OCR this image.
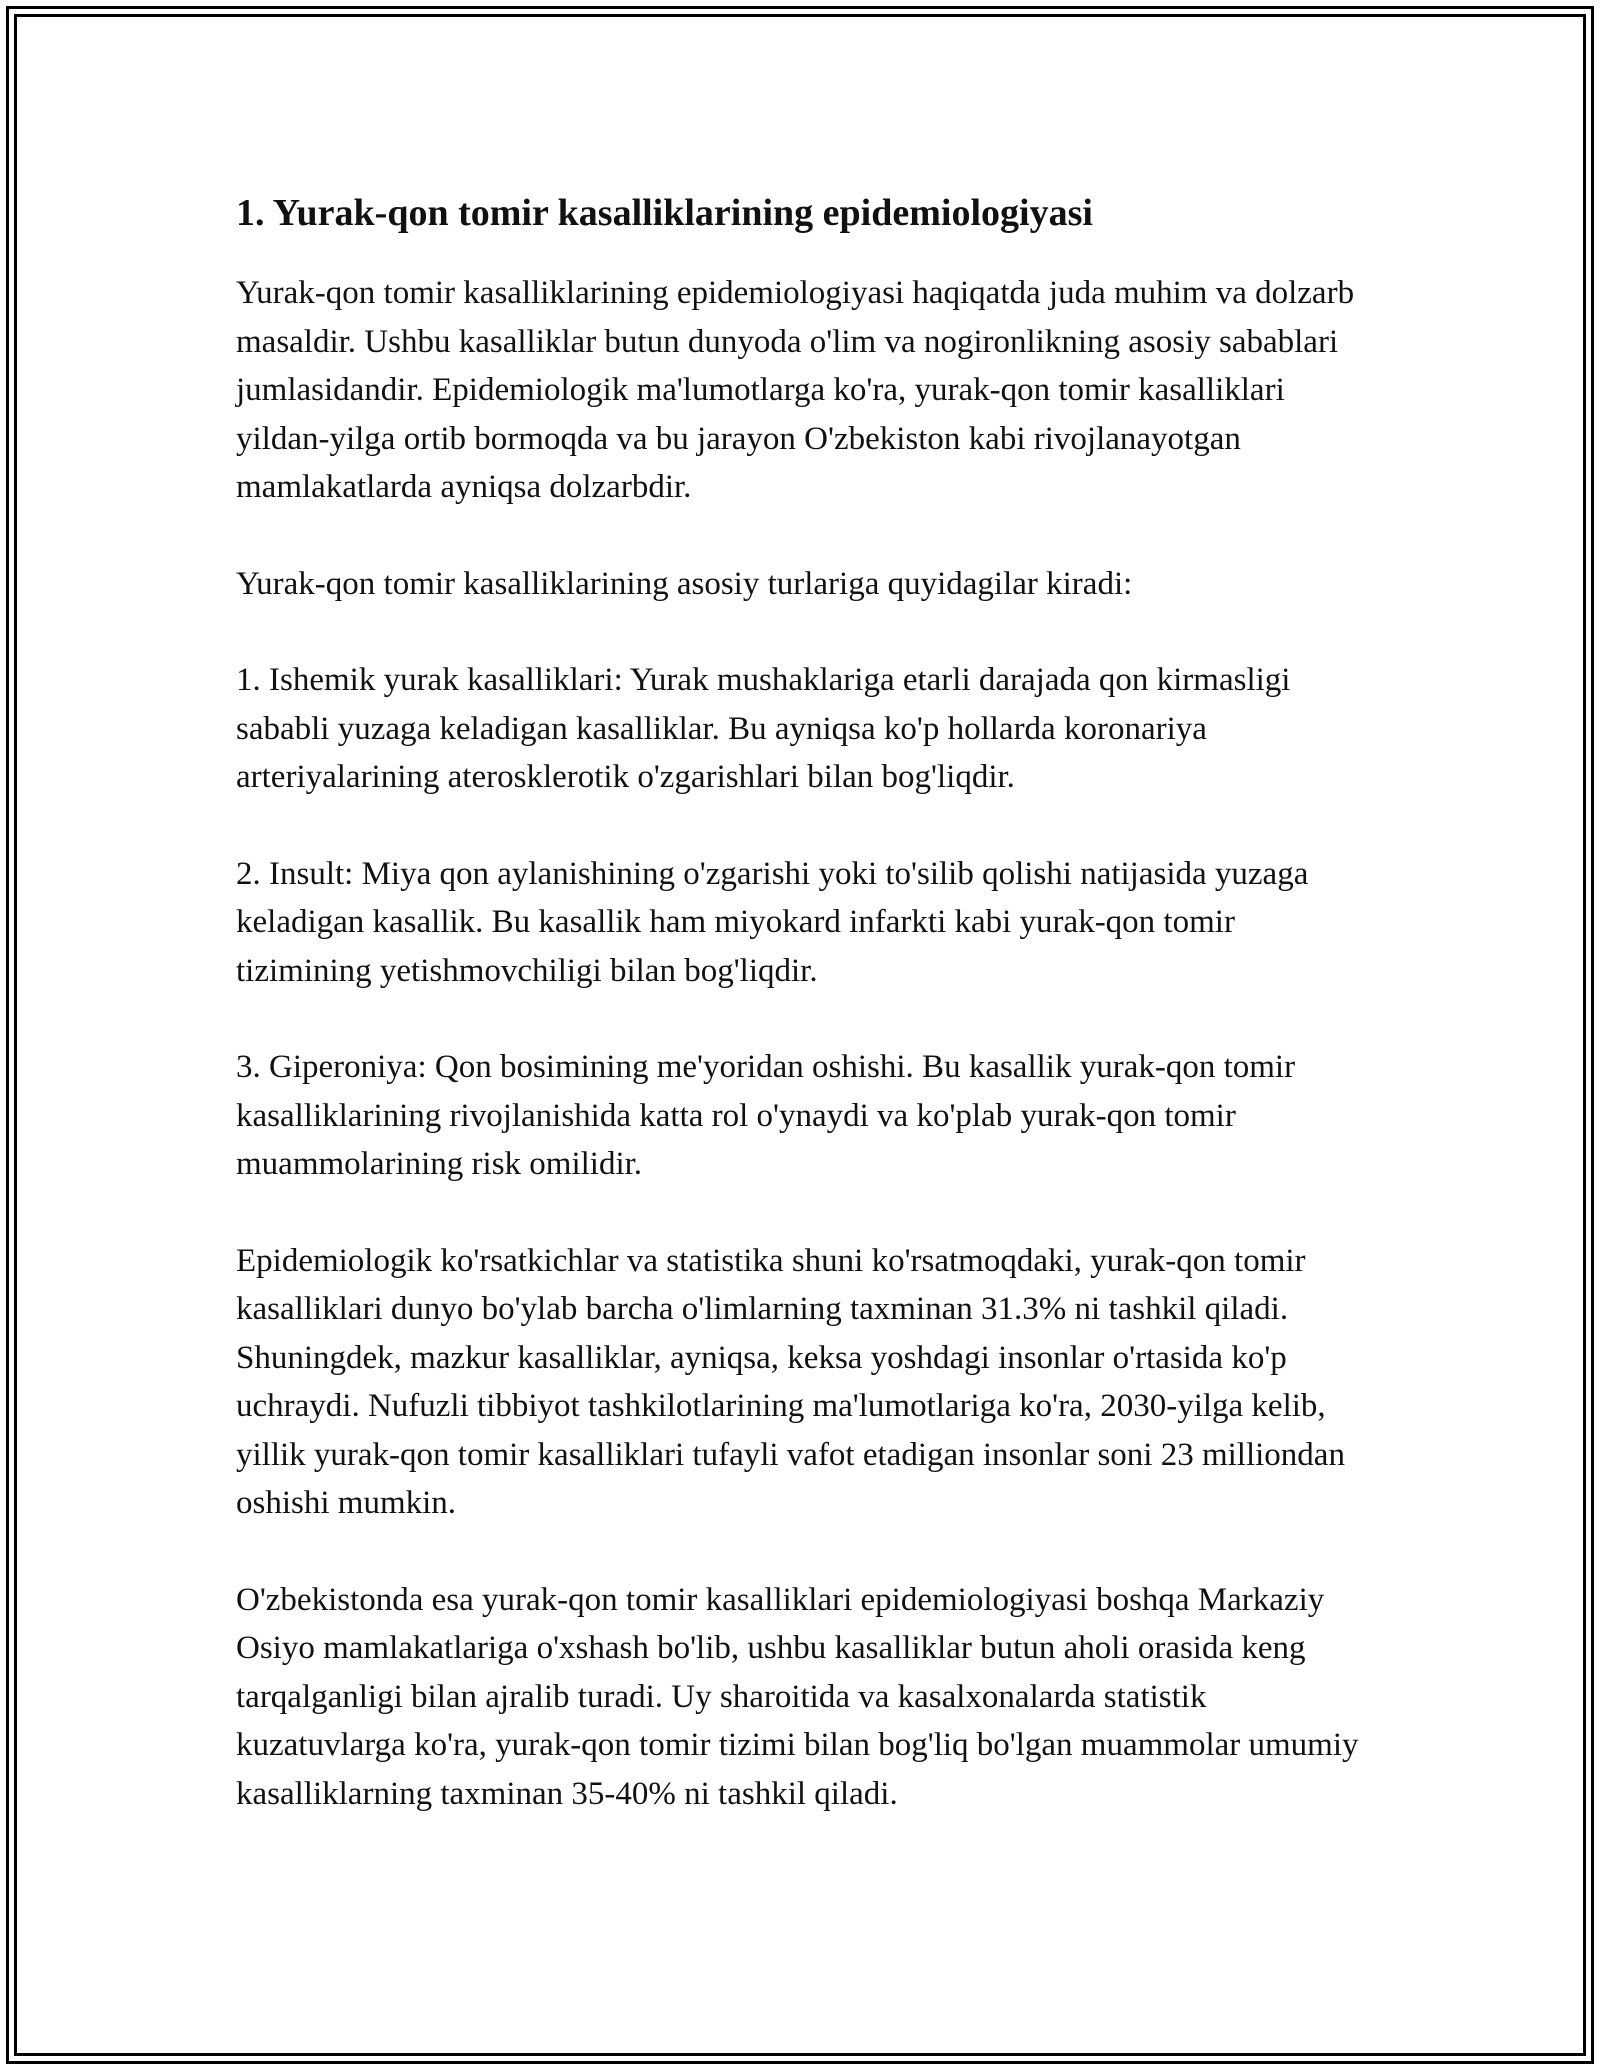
1. Yurak-qon tomir kasalliklarining epidemiologiyasi

Yurak-qon tomir kasalliklarining epidemiologiyasi haqiqatda juda muhim va dolzarb masaldir. Ushbu kasalliklar butun dunyoda o'lim va nogironlikning asosiy sabablari jumlasidandir. Epidemiologik ma'lumotlarga ko'ra, yurak-qon tomir kasalliklari yildan-yilga ortib bormoqda va bu jarayon O'zbekiston kabi rivojlanayotgan mamlakatlarda ayniqsa dolzarbdir.

Yurak-qon tomir kasalliklarining asosiy turlariga quyidagilar kiradi:

1. Ishemik yurak kasalliklari: Yurak mushaklariga etarli darajada qon kirmasligi sababli yuzaga keladigan kasalliklar. Bu ayniqsa ko'p hollarda koronariya arteriyalarining aterosklerotik o'zgarishlari bilan bog'liqdir.

2. Insult: Miya qon aylanishining o'zgarishi yoki to'silib qolishi natijasida yuzaga keladigan kasallik. Bu kasallik ham miyokard infarkti kabi yurak-qon tomir tizimining yetishmovchiligi bilan bog'liqdir.

3. Giperoniya: Qon bosimining me'yoridan oshishi. Bu kasallik yurak-qon tomir kasalliklarining rivojlanishida katta rol o'ynaydi va ko'plab yurak-qon tomir muammolarining risk omilidir.

Epidemiologik ko'rsatkichlar va statistika shuni ko'rsatmoqdaki, yurak-qon tomir kasalliklari dunyo bo'ylab barcha o'limlarning taxminan 31.3% ni tashkil qiladi. Shuningdek, mazkur kasalliklar, ayniqsa, keksa yoshdagi insonlar o'rtasida ko'p uchraydi. Nufuzli tibbiyot tashkilotlarining ma'lumotlariga ko'ra, 2030-yilga kelib, yillik yurak-qon tomir kasalliklari tufayli vafot etadigan insonlar soni 23 milliondan oshishi mumkin.

O'zbekistonda esa yurak-qon tomir kasalliklari epidemiologiyasi boshqa Markaziy Osiyo mamlakatlariga o'xshash bo'lib, ushbu kasalliklar butun aholi orasida keng tarqalganligi bilan ajralib turadi. Uy sharoitida va kasalxonalarda statistik kuzatuvlarga ko'ra, yurak-qon tomir tizimi bilan bog'liq bo'lgan muammolar umumiy kasalliklarning taxminan 35-40% ni tashkil qiladi.
